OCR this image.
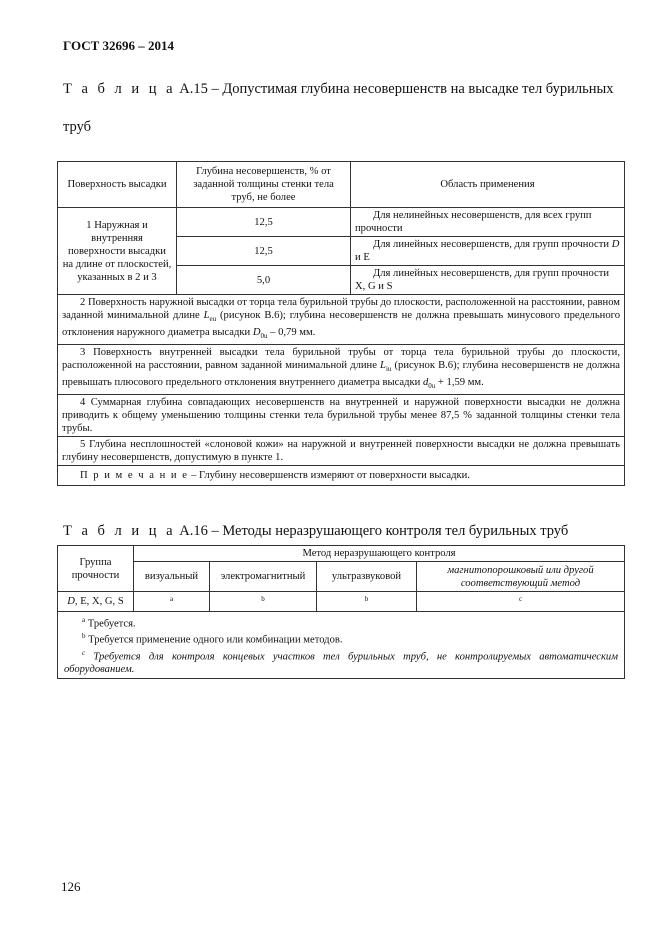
ГОСТ 32696 – 2014
Т а б л и ц а А.15 – Допустимая глубина несовершенств на высадке тел бурильных
труб
Поверхность высадки	Глубина несовершенств, % от заданной толщины стенки тела труб, не более	Область применения
1 Наружная и внутренняя поверхности высадки на длине от плоскостей, указанных в 2 и 3	12,5	Для нелинейных несовершенств, для всех групп прочности
	12,5	Для линейных несовершенств, для групп прочности D и E
	5,0	Для линейных несовершенств, для групп прочности X, G и S
2 Поверхность наружной высадки от торца тела бурильной трубы до плоскости, расположенной на расстоянии, равном заданной минимальной длине $L_{eu}$ (рисунок В.6); глубина несовершенств не должна превышать минусового предельного отклонения наружного диаметра высадки $D_{0u} - 0,79$ мм.		
3 Поверхность внутренней высадки тела бурильной трубы от торца тела бурильной трубы до плоскости, расположенной на расстоянии, равном заданной минимальной длине $L_{iu}$ (рисунок В.6); глубина несовершенств не должна превышать плюсового предельного отклонения внутреннего диаметра высадки $d_{0u} + 1,59$ мм.		
4 Суммарная глубина совпадающих несовершенств на внутренней и наружной поверхности высадки не должна приводить к общему уменьшению толщины стенки тела бурильной трубы менее 87,5 % заданной толщины стенки тела трубы.		
5 Глубина несплошностей «слоновой кожи» на наружной и внутренней поверхности высадки не должна превышать глубину несовершенств, допустимую в пункте 1.		
П р и м е ч а н и е – Глубину несовершенств измеряют от поверхности высадки.		
Т а б л и ц а А.16 – Методы неразрушающего контроля тел бурильных труб
Группа прочности	Метод неразрушающего контроля			
	визуальный	электромагнитный	ультразвуковой	магнитопорошковый или другой соответствующий метод
D, E, X, G, S	$^a$	$^b$	$^b$	$^c$

$^a$ Требуется.
$^b$ Требуется применение одного или комбинации методов.
$^c$ Требуется для контроля концевых участков тел бурильных труб, не контролируемых автоматическим оборудованием.				
126
